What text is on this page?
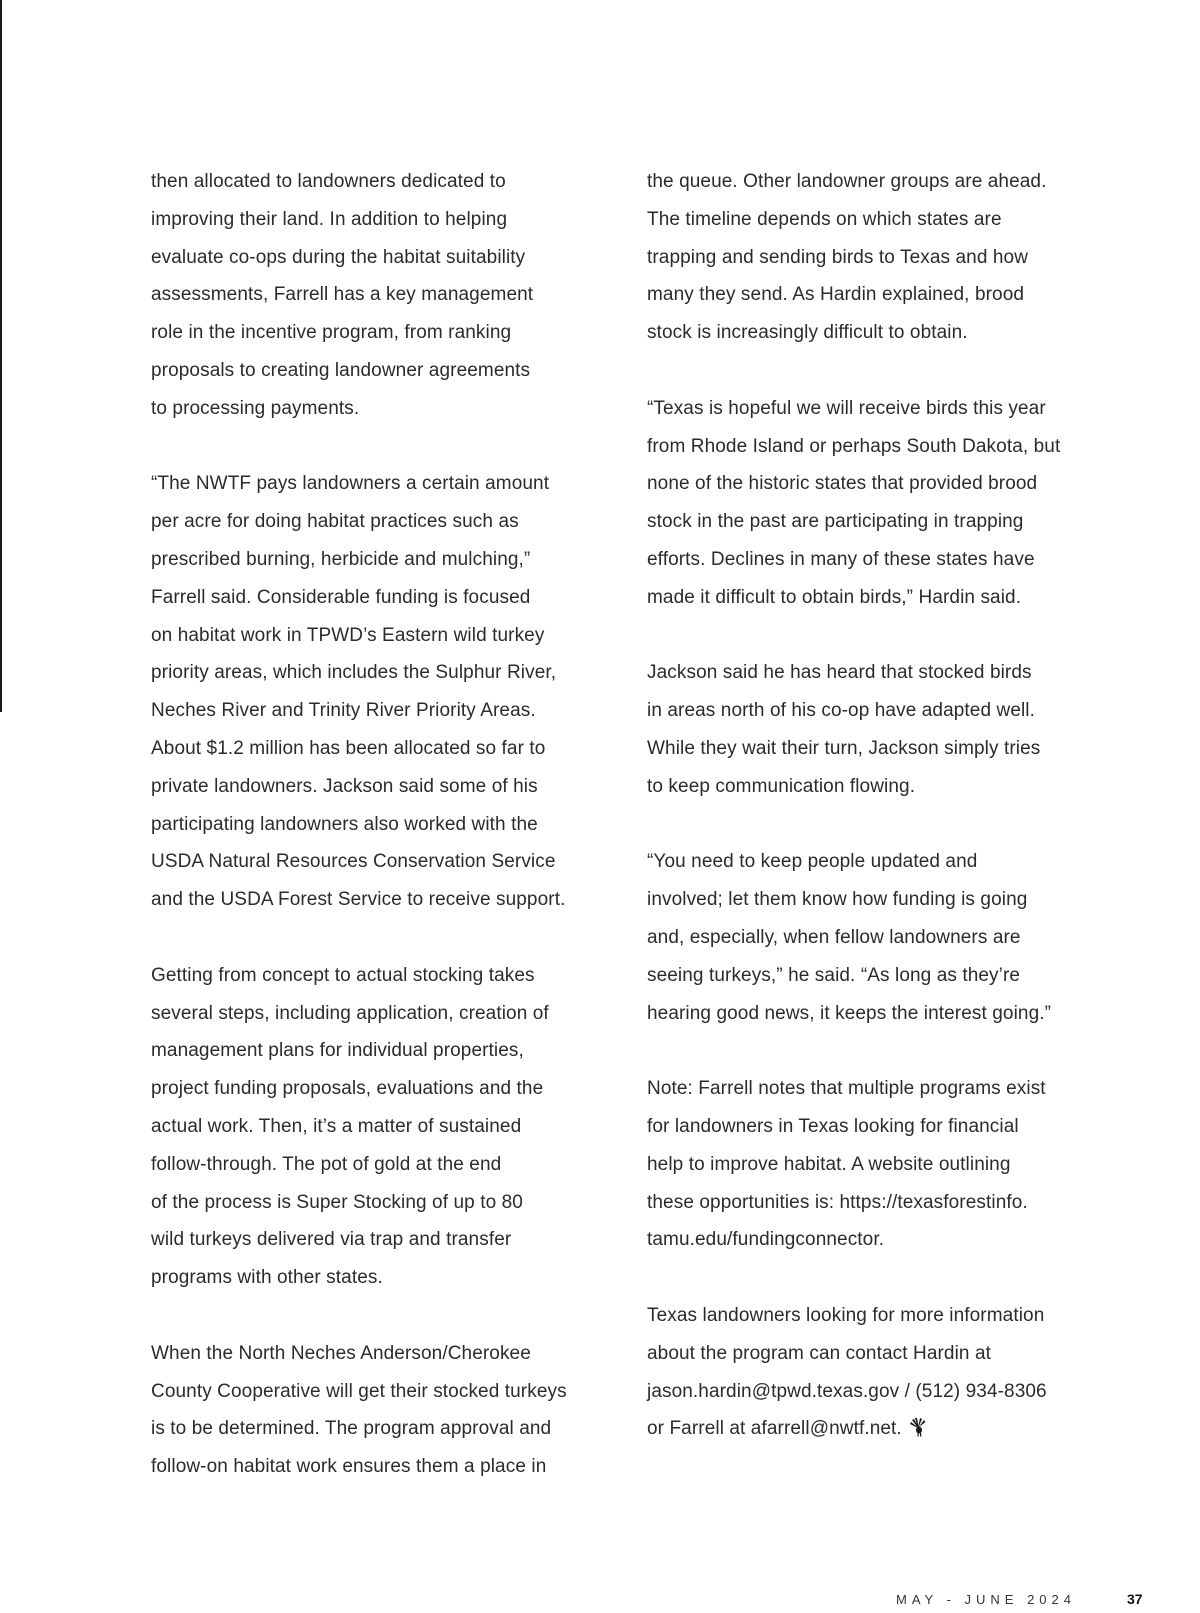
then allocated to landowners dedicated to
improving their land. In addition to helping
evaluate co-ops during the habitat suitability
assessments, Farrell has a key management
role in the incentive program, from ranking
proposals to creating landowner agreements
to processing payments.

“The NWTF pays landowners a certain amount
per acre for doing habitat practices such as
prescribed burning, herbicide and mulching,”
Farrell said. Considerable funding is focused
on habitat work in TPWD’s Eastern wild turkey
priority areas, which includes the Sulphur River,
Neches River and Trinity River Priority Areas.
About $1.2 million has been allocated so far to
private landowners. Jackson said some of his
participating landowners also worked with the
USDA Natural Resources Conservation Service
and the USDA Forest Service to receive support.

Getting from concept to actual stocking takes
several steps, including application, creation of
management plans for individual properties,
project funding proposals, evaluations and the
actual work. Then, it’s a matter of sustained
follow-through. The pot of gold at the end
of the process is Super Stocking of up to 80
wild turkeys delivered via trap and transfer
programs with other states.

When the North Neches Anderson/Cherokee
County Cooperative will get their stocked turkeys
is to be determined. The program approval and
follow-on habitat work ensures them a place in

the queue. Other landowner groups are ahead.
The timeline depends on which states are
trapping and sending birds to Texas and how
many they send. As Hardin explained, brood
stock is increasingly difficult to obtain.

“Texas is hopeful we will receive birds this year
from Rhode Island or perhaps South Dakota, but
none of the historic states that provided brood
stock in the past are participating in trapping
efforts. Declines in many of these states have
made it difficult to obtain birds,” Hardin said.

Jackson said he has heard that stocked birds
in areas north of his co-op have adapted well.
While they wait their turn, Jackson simply tries
to keep communication flowing.

“You need to keep people updated and
involved; let them know how funding is going
and, especially, when fellow landowners are
seeing turkeys,” he said. “As long as they’re
hearing good news, it keeps the interest going.”

Note: Farrell notes that multiple programs exist
for landowners in Texas looking for financial
help to improve habitat. A website outlining
these opportunities is: https://texasforestinfo.
tamu.edu/fundingconnector.

Texas landowners looking for more information
about the program can contact Hardin at
jason.hardin@tpwd.texas.gov / (512) 934-8306
or Farrell at afarrell@nwtf.net.

MAY - JUNE 2024	37
